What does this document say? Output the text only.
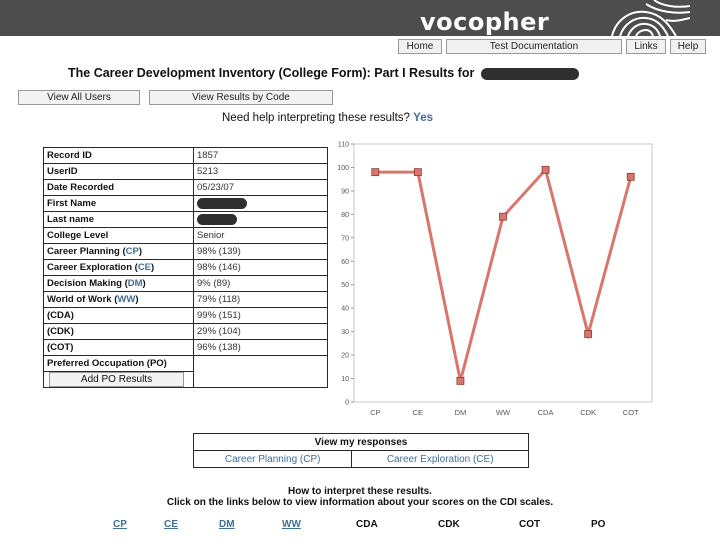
vocopher
Home	Test Documentation	Links	Help
The Career Development Inventory (College Form): Part I Results for
View All Users	View Results by Code
Need help interpreting these results? Yes
Record ID	1857
UserID	5213
Date Recorded	05/23/07
First Name	
Last name	
College Level	Senior
Career Planning (CP)	98% (139)
Career Exploration (CE)	98% (146)
Decision Making (DM)	9% (89)
World of Work (WW)	79% (118)
(CDA)	99% (151)
(CDK)	29% (104)
(COT)	96% (138)
Preferred Occupation (PO)	

Add PO Results	
0
10
20
30
40
50
60
70
80
90
100
110
CP	CE	DM	WW	CDA	CDK	COT
View my responses
Career Planning (CP)	Career Exploration (CE)
How to interpret these results.
Click on the links below to view information about your scores on the CDI scales.
CP	CE	DM	WW	CDA	CDK	COT	PO
